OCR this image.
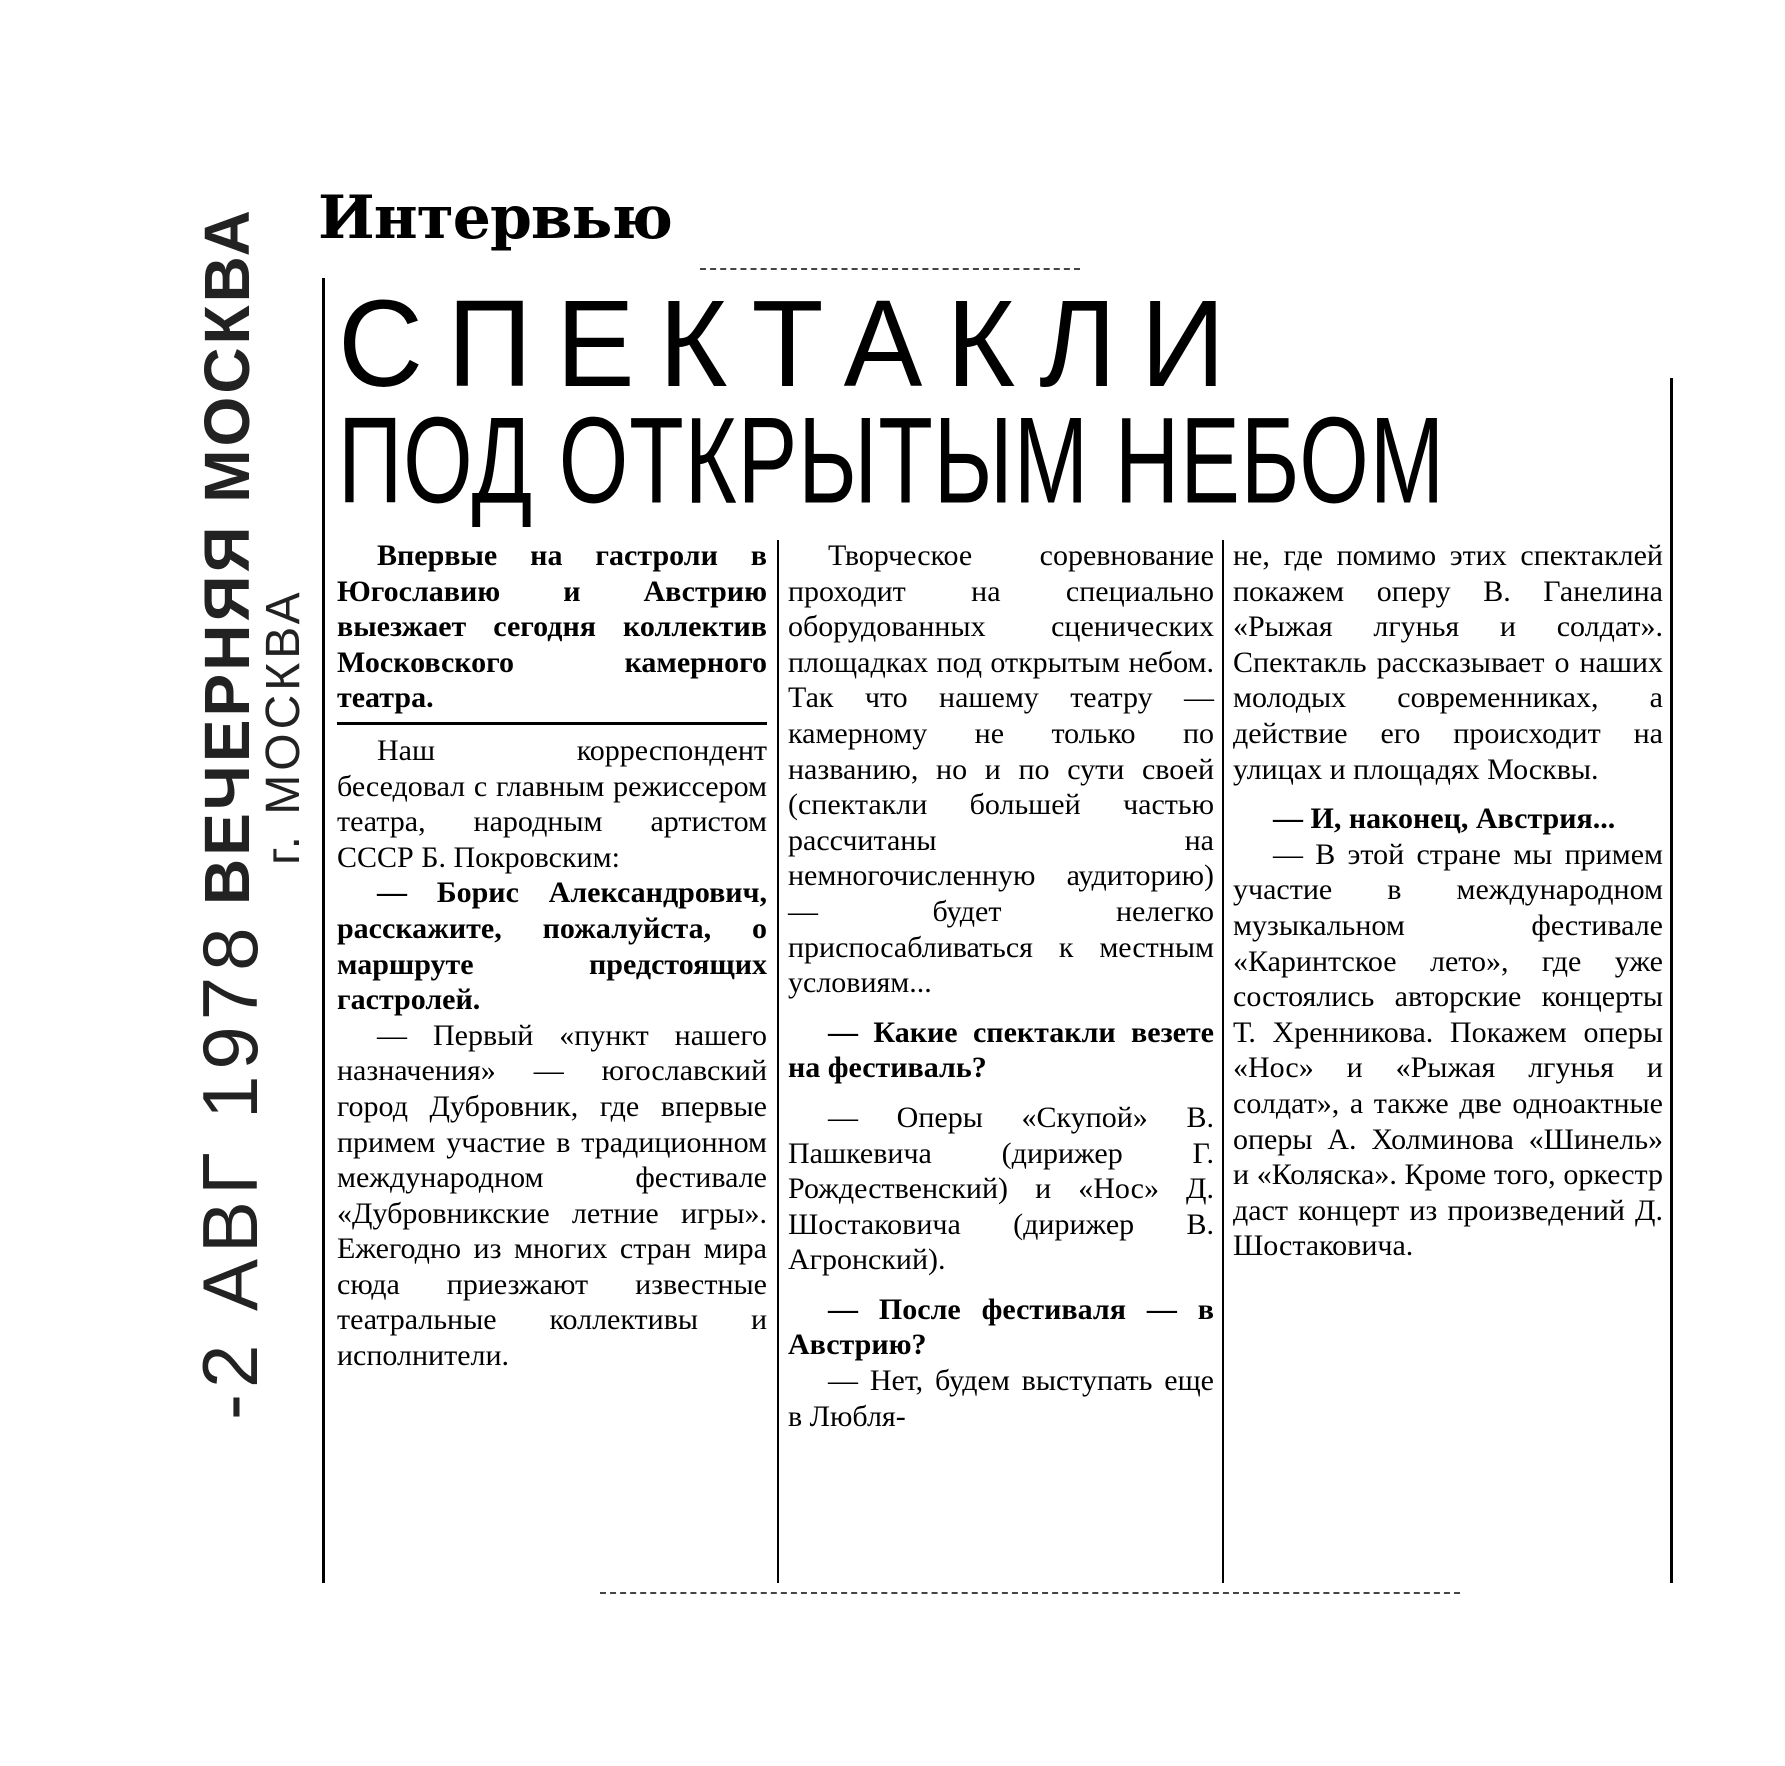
Интервью
СПЕКТАКЛИ
ПОД ОТКРЫТЫМ НЕБОМ
-2 АВГ 1978
ВЕЧЕРНЯЯ МОСКВА
г. МОСКВА

Впервые на гастроли в Югославию и Австрию выезжает сегодня коллектив Московского камерного театра.

Наш корреспондент беседовал с главным режиссером театра, народным артистом СССР Б. Покровским:

— Борис Александрович, расскажите, пожалуйста, о маршруте предстоящих гастролей.

— Первый «пункт нашего назначения» — югославский город Дубровник, где впервые примем участие в традиционном международном фестивале «Дубровникские летние игры». Ежегодно из многих стран мира сюда приезжают известные театральные коллективы и исполнители.

Творческое соревнование проходит на специально оборудованных сценических площадках под открытым небом. Так что нашему театру — камерному не только по названию, но и по сути своей (спектакли большей частью рассчитаны на немногочисленную аудиторию) — будет нелегко приспосабливаться к местным условиям...

— Какие спектакли везете на фестиваль?

— Оперы «Скупой» В. Пашкевича (дирижер Г. Рождественский) и «Нос» Д. Шостаковича (дирижер В. Агронский).

— После фестиваля — в Австрию?

— Нет, будем выступать еще в Любля-

не, где помимо этих спектаклей покажем оперу В. Ганелина «Рыжая лгунья и солдат». Спектакль рассказывает о наших молодых современниках, а действие его происходит на улицах и площадях Москвы.

— И, наконец, Австрия...

— В этой стране мы примем участие в международном музыкальном фестивале «Каринтское лето», где уже состоялись авторские концерты Т. Хренникова. Покажем оперы «Нос» и «Рыжая лгунья и солдат», а также две одноактные оперы А. Холминова «Шинель» и «Коляска». Кроме того, оркестр даст концерт из произведений Д. Шостаковича.
